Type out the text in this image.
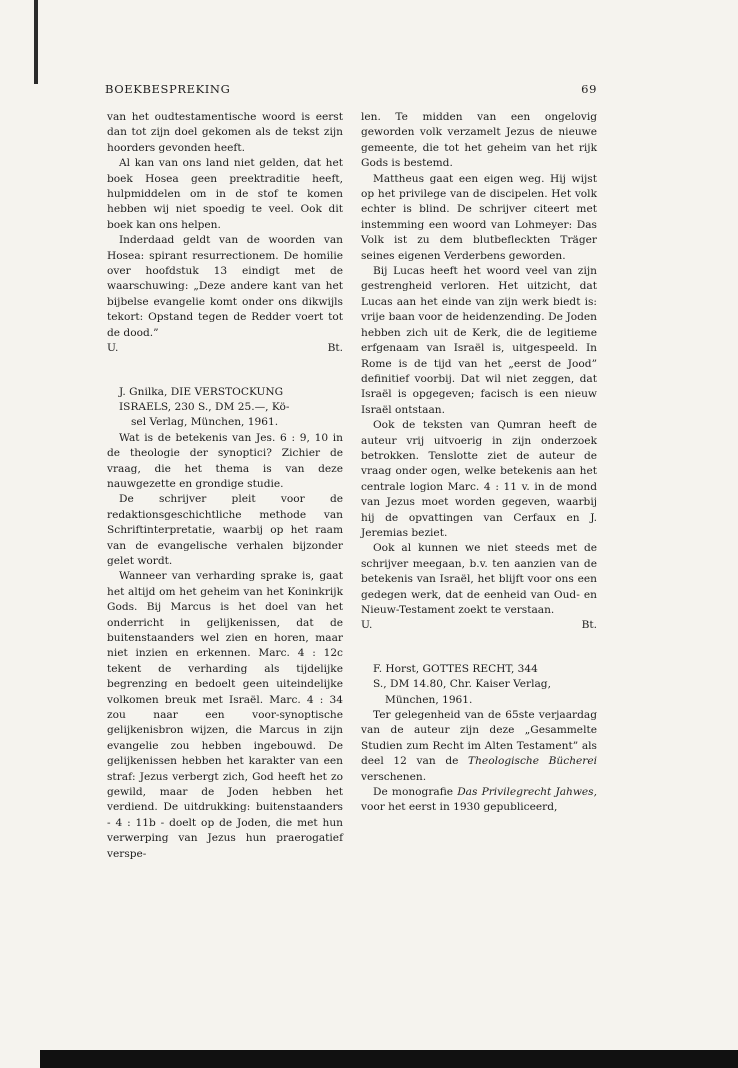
BOEKBESPREKING	69

van het oudtestamentische woord is eerst dan tot zijn doel gekomen als de tekst zijn hoorders gevonden heeft.

Al kan van ons land niet gelden, dat het boek Hosea geen preektraditie heeft, hulpmiddelen om in de stof te komen hebben wij niet spoedig te veel. Ook dit boek kan ons helpen.

Inderdaad geldt van de woorden van Hosea: spirant resurrectionem. De homilie over hoofdstuk 13 eindigt met de waarschuwing: „Deze andere kant van het bijbelse evangelie komt onder ons dikwijls tekort: Opstand tegen de Redder voert tot de dood.”

U.	Bt.
J. Gnilka, DIE VERSTOCKUNG
ISRAELS, 230 S., DM 25.—, Kö-
sel Verlag, München, 1961.

Wat is de betekenis van Jes. 6 : 9, 10 in de theologie der synoptici? Zichier de vraag, die het thema is van deze nauwgezette en grondige studie.

De schrijver pleit voor de redaktionsgeschichtliche methode van Schriftinterpretatie, waarbij op het raam van de evangelische verhalen bijzonder gelet wordt.

Wanneer van verharding sprake is, gaat het altijd om het geheim van het Koninkrijk Gods. Bij Marcus is het doel van het onderricht in gelijkenissen, dat de buitenstaanders wel zien en horen, maar niet inzien en erkennen. Marc. 4 : 12c tekent de verharding als tijdelijke begrenzing en bedoelt geen uiteindelijke volkomen breuk met Israël. Marc. 4 : 34 zou naar een voor-synoptische gelijkenisbron wijzen, die Marcus in zijn evangelie zou hebben ingebouwd. De gelijkenissen hebben het karakter van een straf: Jezus verbergt zich, God heeft het zo gewild, maar de Joden hebben het verdiend. De uitdrukking: buitenstaanders - 4 : 11b - doelt op de Joden, die met hun verwerping van Jezus hun praerogatief verspe-

len. Te midden van een ongelovig geworden volk verzamelt Jezus de nieuwe gemeente, die tot het geheim van het rijk Gods is bestemd.

Mattheus gaat een eigen weg. Hij wijst op het privilege van de discipelen. Het volk echter is blind. De schrijver citeert met instemming een woord van Lohmeyer: Das Volk ist zu dem blutbefleckten Träger seines eigenen Verderbens geworden.

Bij Lucas heeft het woord veel van zijn gestrengheid verloren. Het uitzicht, dat Lucas aan het einde van zijn werk biedt is: vrije baan voor de heidenzending. De Joden hebben zich uit de Kerk, die de legitieme erfgenaam van Israël is, uitgespeeld. In Rome is de tijd van het „eerst de Jood” definitief voorbij. Dat wil niet zeggen, dat Israël is opgegeven; facisch is een nieuw Israël ontstaan.

Ook de teksten van Qumran heeft de auteur vrij uitvoerig in zijn onderzoek betrokken. Tenslotte ziet de auteur de vraag onder ogen, welke betekenis aan het centrale logion Marc. 4 : 11 v. in de mond van Jezus moet worden gegeven, waarbij hij de opvattingen van Cerfaux en J. Jeremias beziet.

Ook al kunnen we niet steeds met de schrijver meegaan, b.v. ten aanzien van de betekenis van Israël, het blijft voor ons een gedegen werk, dat de eenheid van Oud- en Nieuw-Testament zoekt te verstaan.

U.	Bt.
F. Horst, GOTTES RECHT, 344
S., DM 14.80, Chr. Kaiser Verlag,
München, 1961.

Ter gelegenheid van de 65ste verjaardag van de auteur zijn deze „Gesammelte Studien zum Recht im Alten Testament” als deel 12 van de Theologische Bücherei verschenen.

De monografie Das Privilegrecht Jahwes, voor het eerst in 1930 gepubliceerd,
